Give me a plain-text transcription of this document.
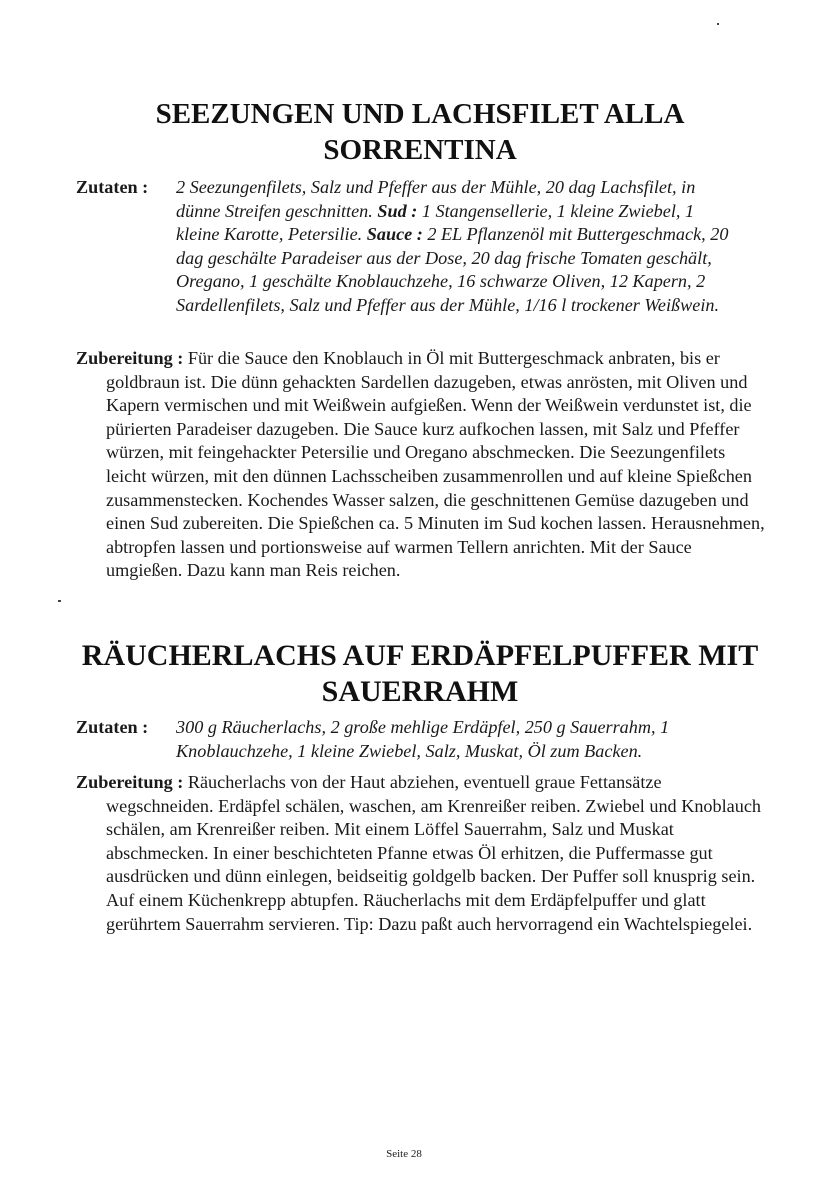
SEEZUNGEN UND LACHSFILET ALLA
SORRENTINA
Zutaten :	2 Seezungenfilets, Salz und Pfeffer aus der Mühle, 20 dag Lachsfilet, in dünne Streifen geschnitten. Sud : 1 Stangensellerie, 1 kleine Zwiebel, 1 kleine Karotte, Petersilie. Sauce : 2 EL Pflanzenöl mit Buttergeschmack, 20 dag geschälte Paradeiser aus der Dose, 20 dag frische Tomaten geschält, Oregano, 1 geschälte Knoblauchzehe, 16 schwarze Oliven, 12 Kapern, 2 Sardellenfilets, Salz und Pfeffer aus der Mühle, 1/16 l trockener Weißwein.
Zubereitung : Für die Sauce den Knoblauch in Öl mit Buttergeschmack anbraten, bis er goldbraun ist. Die dünn gehackten Sardellen dazugeben, etwas anrösten, mit Oliven und Kapern vermischen und mit Weißwein aufgießen. Wenn der Weißwein verdunstet ist, die pürierten Paradeiser dazugeben. Die Sauce kurz aufkochen lassen, mit Salz und Pfeffer würzen, mit feingehackter Petersilie und Oregano abschmecken. Die Seezungenfilets leicht würzen, mit den dünnen Lachsscheiben zusammenrollen und auf kleine Spießchen zusammenstecken. Kochendes Wasser salzen, die geschnittenen Gemüse dazugeben und einen Sud zubereiten. Die Spießchen ca. 5 Minuten im Sud kochen lassen. Herausnehmen, abtropfen lassen und portionsweise auf warmen Tellern anrichten. Mit der Sauce umgießen. Dazu kann man Reis reichen.
RÄUCHERLACHS AUF ERDÄPFELPUFFER MIT
SAUERRAHM
Zutaten :	300 g Räucherlachs, 2 große mehlige Erdäpfel, 250 g Sauerrahm, 1 Knoblauchzehe, 1 kleine Zwiebel, Salz, Muskat, Öl zum Backen.
Zubereitung : Räucherlachs von der Haut abziehen, eventuell graue Fettansätze wegschneiden. Erdäpfel schälen, waschen, am Krenreißer reiben. Zwiebel und Knoblauch schälen, am Krenreißer reiben. Mit einem Löffel Sauerrahm, Salz und Muskat abschmecken. In einer beschichteten Pfanne etwas Öl erhitzen, die Puffermasse gut ausdrücken und dünn einlegen, beidseitig goldgelb backen. Der Puffer soll knusprig sein. Auf einem Küchenkrepp abtupfen. Räucherlachs mit dem Erdäpfelpuffer und glatt gerührtem Sauerrahm servieren. Tip: Dazu paßt auch hervorragend ein Wachtelspiegelei.
Seite 28
